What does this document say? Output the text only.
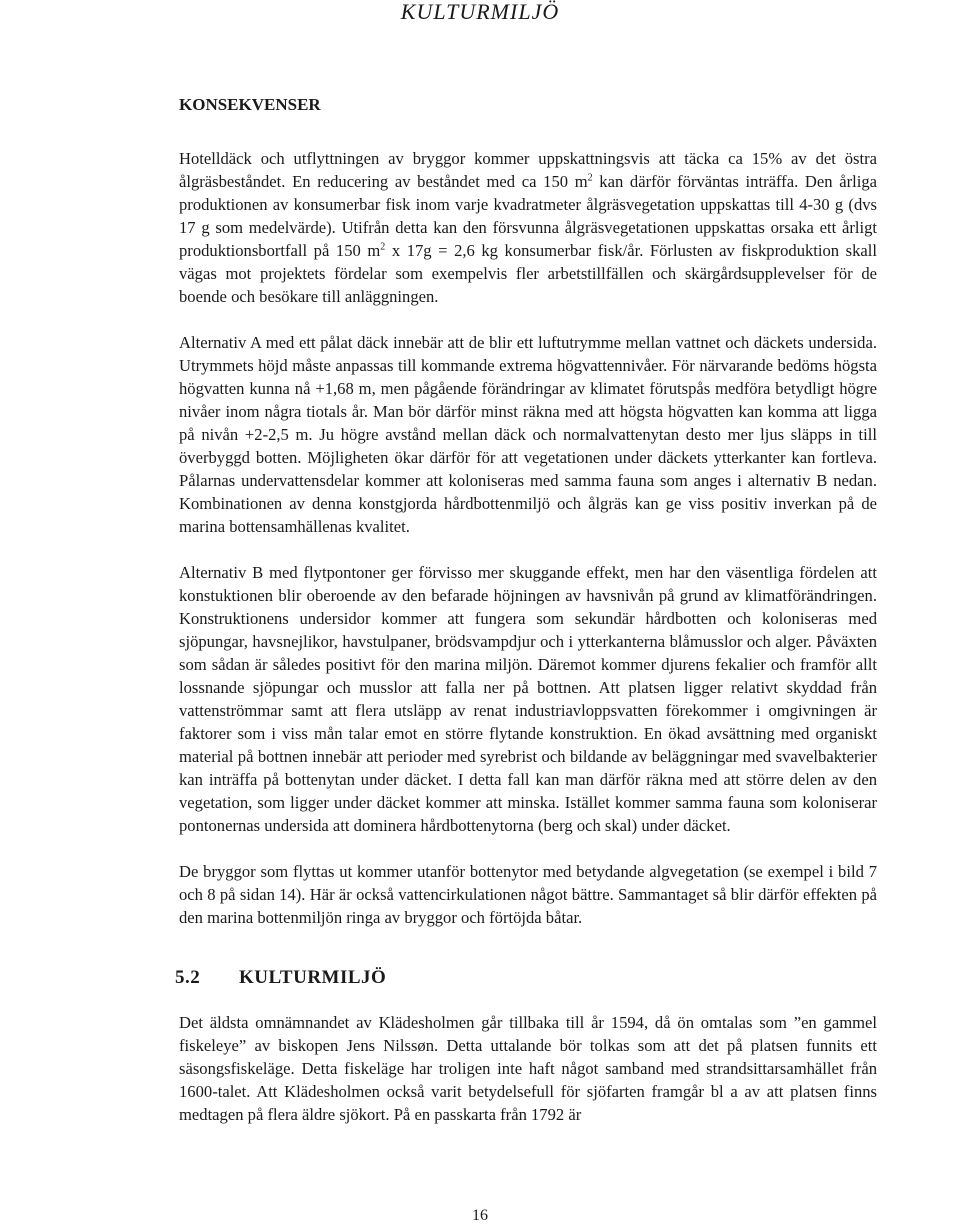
KULTURMILJÖ
KONSEKVENSER

Hotelldäck och utflyttningen av bryggor kommer uppskattningsvis att täcka ca 15% av det östra ålgräsbeståndet. En reducering av beståndet med ca 150 $m^2$ kan därför förväntas inträffa. Den årliga produktionen av konsumerbar fisk inom varje kvadratmeter ålgräsvegetation uppskattas till 4-30 g (dvs 17 g som medelvärde). Utifrån detta kan den försvunna ålgräsvegetationen uppskattas orsaka ett årligt produktionsbortfall på 150 $m^2$ x 17g = 2,6 kg konsumerbar fisk/år. Förlusten av fiskproduktion skall vägas mot projektets fördelar som exempelvis fler arbetstillfällen och skärgårdsupplevelser för de boende och besökare till anläggningen.

Alternativ A med ett pålat däck innebär att de blir ett luftutrymme mellan vattnet och däckets undersida. Utrymmets höjd måste anpassas till kommande extrema högvattennivåer. För närvarande bedöms högsta högvatten kunna nå +1,68 m, men pågående förändringar av klimatet förutspås medföra betydligt högre nivåer inom några tiotals år. Man bör därför minst räkna med att högsta högvatten kan komma att ligga på nivån +2-2,5 m. Ju högre avstånd mellan däck och normalvattenytan desto mer ljus släpps in till överbyggd botten. Möjligheten ökar därför för att vegetationen under däckets ytterkanter kan fortleva. Pålarnas undervattensdelar kommer att koloniseras med samma fauna som anges i alternativ B nedan. Kombinationen av denna konstgjorda hårdbottenmiljö och ålgräs kan ge viss positiv inverkan på de marina bottensamhällenas kvalitet.

Alternativ B med flytpontoner ger förvisso mer skuggande effekt, men har den väsentliga fördelen att konstuktionen blir oberoende av den befarade höjningen av havsnivån på grund av klimatförändringen. Konstruktionens undersidor kommer att fungera som sekundär hårdbotten och koloniseras med sjöpungar, havsnejlikor, havstulpaner, brödsvampdjur och i ytterkanterna blåmusslor och alger. Påväxten som sådan är således positivt för den marina miljön. Däremot kommer djurens fekalier och framför allt lossnande sjöpungar och musslor att falla ner på bottnen. Att platsen ligger relativt skyddad från vattenströmmar samt att flera utsläpp av renat industriavloppsvatten förekommer i omgivningen är faktorer som i viss mån talar emot en större flytande konstruktion. En ökad avsättning med organiskt material på bottnen innebär att perioder med syrebrist och bildande av beläggningar med svavelbakterier kan inträffa på bottenytan under däcket. I detta fall kan man därför räkna med att större delen av den vegetation, som ligger under däcket kommer att minska. Istället kommer samma fauna som koloniserar pontonernas undersida att dominera hårdbottenytorna (berg och skal) under däcket.

De bryggor som flyttas ut kommer utanför bottenytor med betydande algvegetation (se exempel i bild 7 och 8 på sidan 14). Här är också vattencirkulationen något bättre. Sammantaget så blir därför effekten på den marina bottenmiljön ringa av bryggor och förtöjda båtar.

5.2 KULTURMILJÖ

Det äldsta omnämnandet av Klädesholmen går tillbaka till år 1594, då ön omtalas som ”en gammel fiskeleye” av biskopen Jens Nilssøn. Detta uttalande bör tolkas som att det på platsen funnits ett säsongsfiskeläge. Detta fiskeläge har troligen inte haft något samband med strandsittarsamhället från 1600-talet. Att Klädesholmen också varit betydelsefull för sjöfarten framgår bl a av att platsen finns medtagen på flera äldre sjökort. På en passkarta från 1792 är

16
